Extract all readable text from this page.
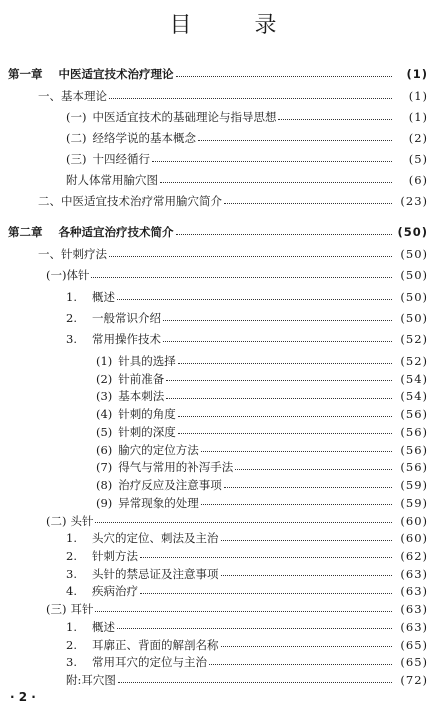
目 录
第一章 中医适宜技术治疗理论	(1)
一、 基本理论	(1)
(一) 中医适宜技术的基础理论与指导思想	(1)
(二) 经络学说的基本概念	(2)
(三) 十四经循行	(5)
附人体常用腧穴图	(6)
二、 中医适宜技术治疗常用腧穴简介	(23)
第二章 各种适宜治疗技术简介	(50)
一、 针刺疗法	(50)
(一) 体针	(50)
1.	概述	(50)
2.	一般常识介绍	(50)
3.	常用操作技术	(52)
(1) 针具的选择	(52)
(2) 针前准备	(54)
(3) 基本刺法	(54)
(4) 针刺的角度	(56)
(5) 针刺的深度	(56)
(6) 腧穴的定位方法	(56)
(7) 得气与常用的补泻手法	(56)
(8) 治疗反应及注意事项	(59)
(9) 异常现象的处理	(59)
(二) 头针	(60)
1.	头穴的定位、刺法及主治	(60)
2.	针刺方法	(62)
3.	头针的禁忌证及注意事项	(63)
4.	疾病治疗	(63)
(三) 耳针	(63)
1.	概述	(63)
2.	耳廓正、背面的解剖名称	(65)
3.	常用耳穴的定位与主治	(65)
附:耳穴图	(72)
· 2 ·
